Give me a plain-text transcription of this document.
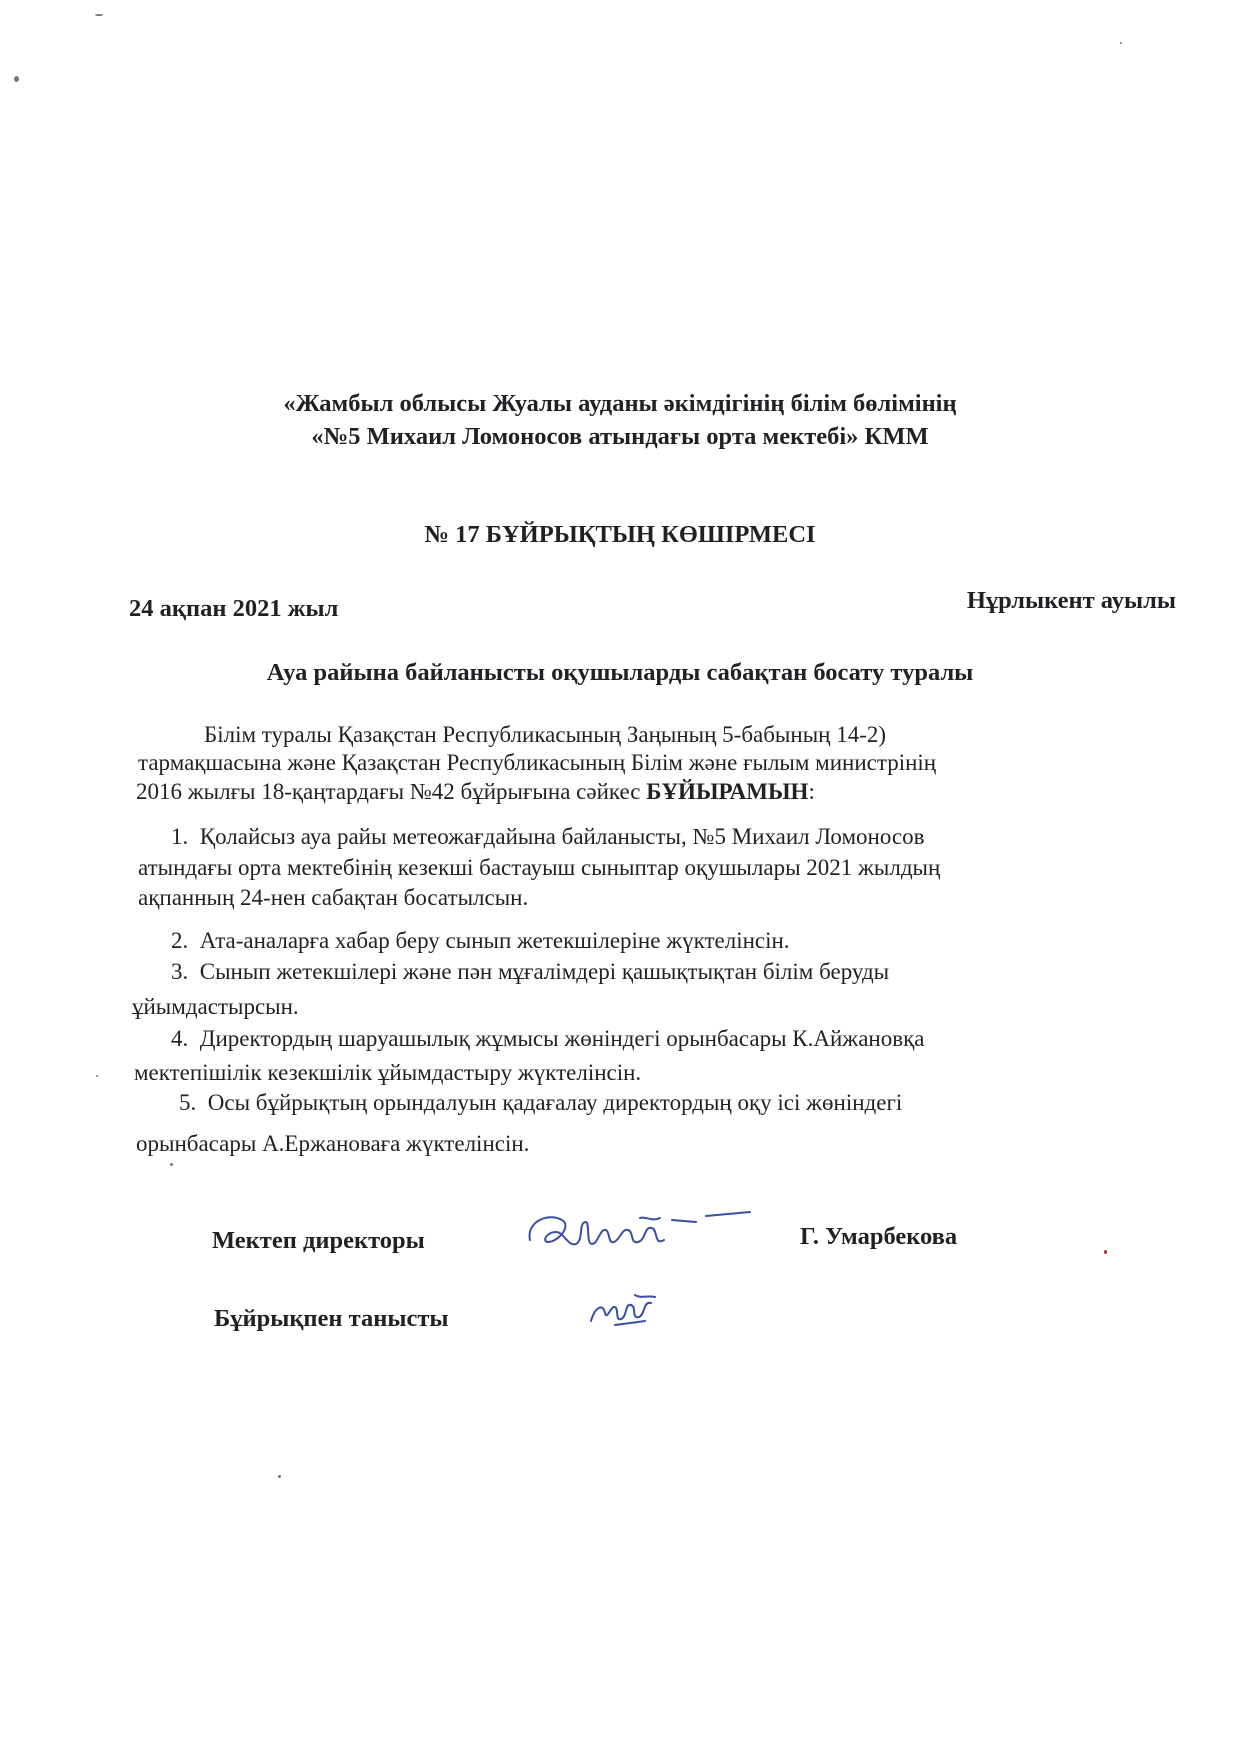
«Жамбыл облысы Жуалы ауданы әкімдігінің білім бөлімінің
«№5 Михаил Ломоносов атындағы орта мектебі» КММ
№ 17 БҰЙРЫҚТЫҢ КӨШІРМЕСІ
24 ақпан 2021 жыл	Нұрлыкент ауылы
Ауа райына байланысты оқушыларды сабақтан босату туралы
Білім туралы Қазақстан Республикасының Заңының 5-бабының 14-2)
тармақшасына және Қазақстан Республикасының Білім және ғылым министрінің
2016 жылғы 18-қаңтардағы №42 бұйрығына сәйкес БҰЙЫРАМЫН:
1. Қолайсыз ауа райы метеожағдайына байланысты, №5 Михаил Ломоносов
атындағы орта мектебінің кезекші бастауыш сыныптар оқушылары 2021 жылдың
ақпанның 24-нен сабақтан босатылсын.
2. Ата-аналарға хабар беру сынып жетекшілеріне жүктелінсін.
3. Сынып жетекшілері және пән мұғалімдері қашықтықтан білім беруды
ұйымдастырсын.
4. Директордың шаруашылық жұмысы жөніндегі орынбасары К.Айжановқа
мектепішілік кезекшілік ұйымдастыру жүктелінсін.
5. Осы бұйрықтың орындалуын қадағалау директордың оқу ісі жөніндегі
орынбасары А.Ержановаға жүктелінсін.
Мектеп директоры	Г. Умарбекова
Бұйрықпен танысты
